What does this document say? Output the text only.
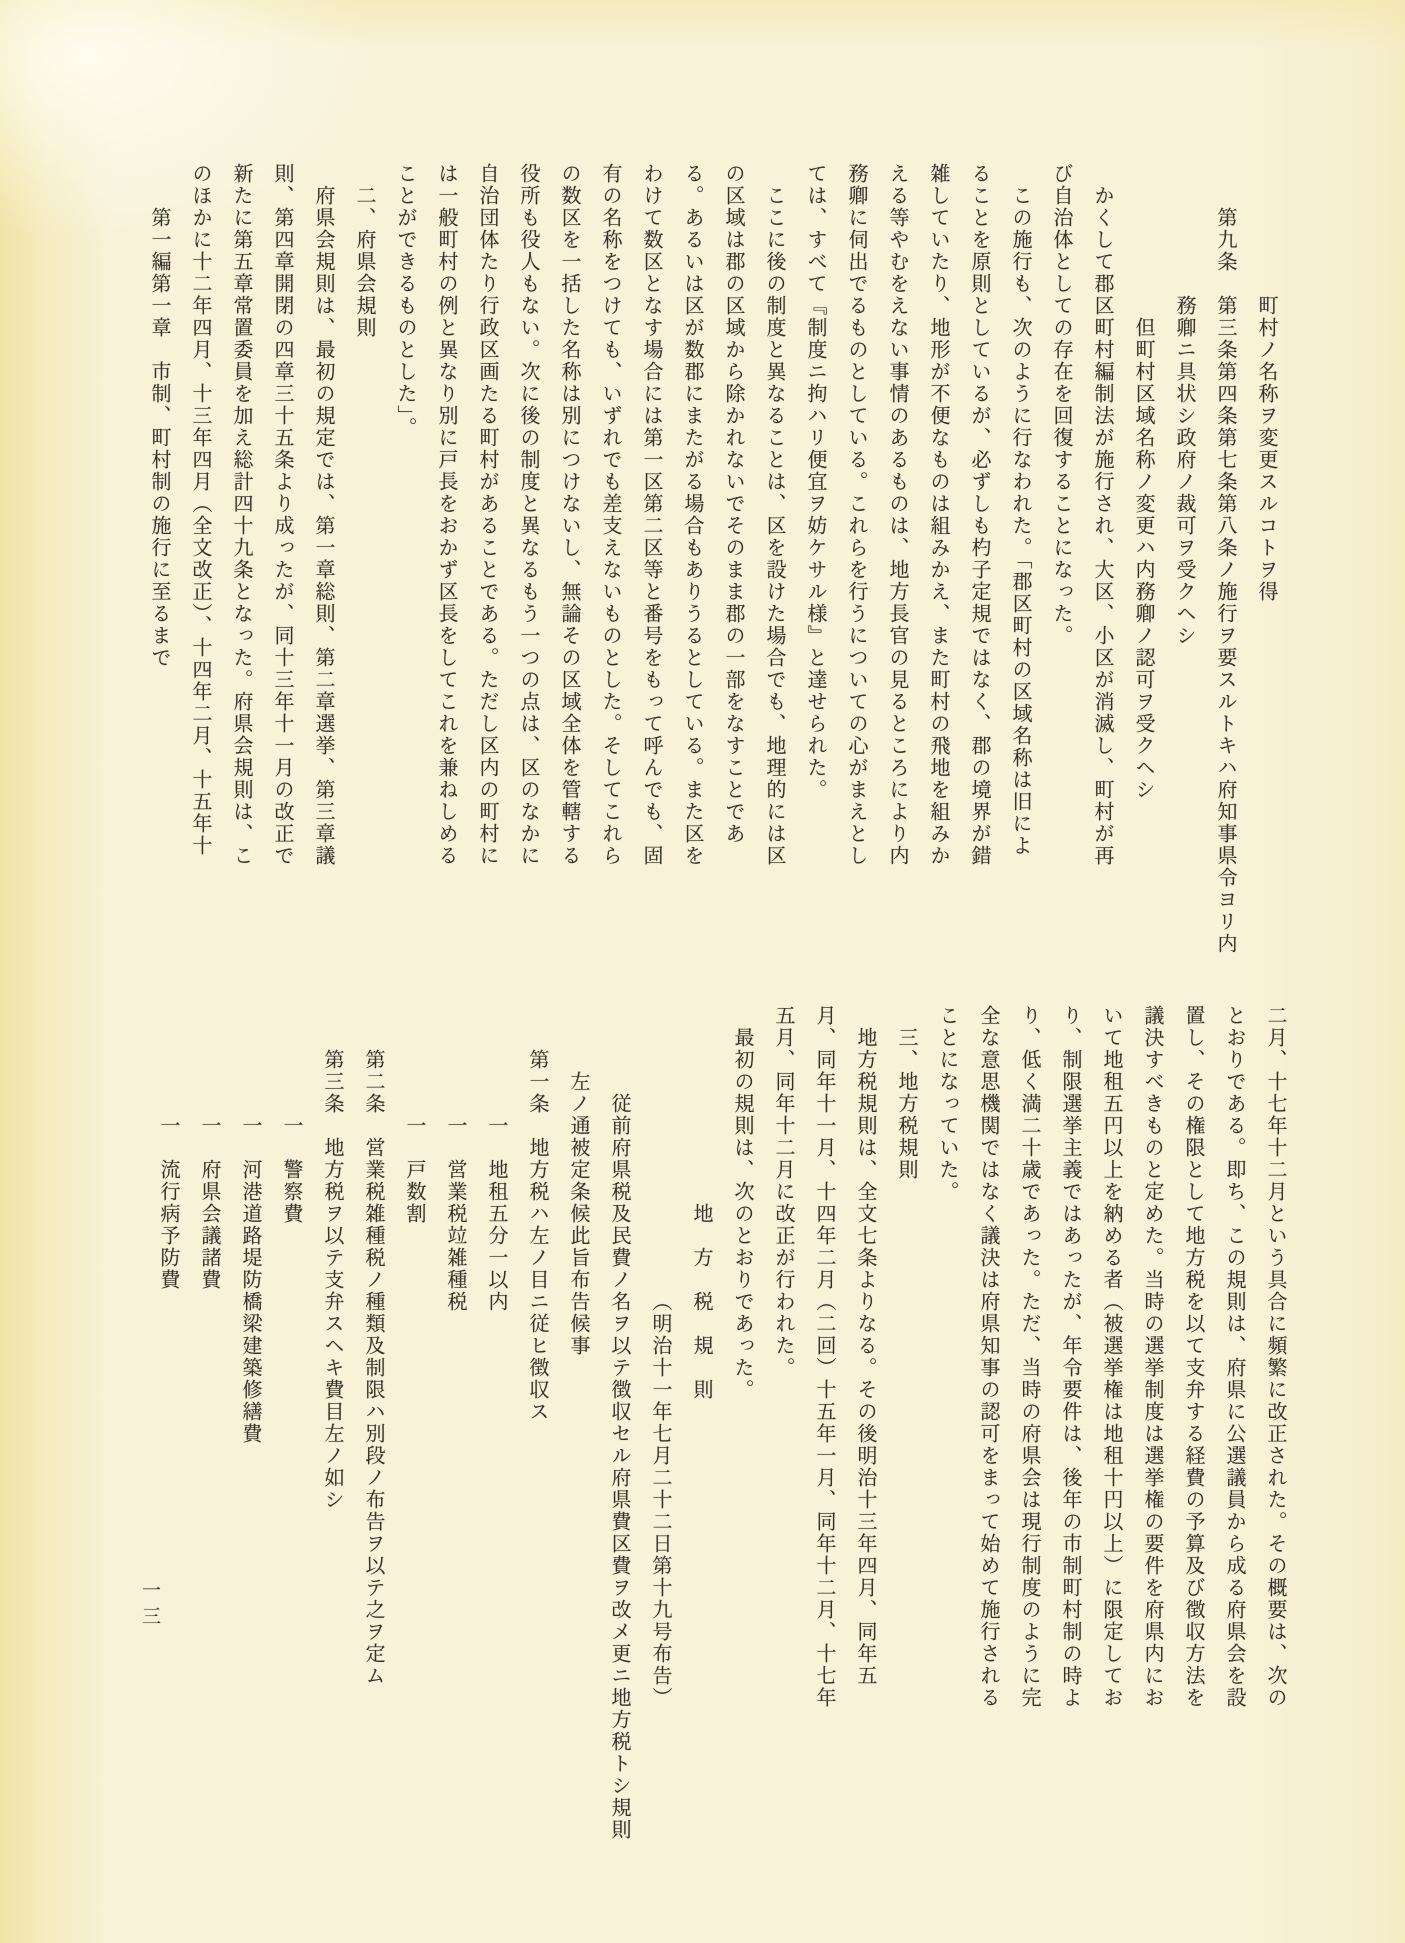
町村ノ名称ヲ変更スルコトヲ得
第九条　第三条第四条第七条第八条ノ施行ヲ要スルトキハ府知事県令ヨリ内
務卿ニ具状シ政府ノ裁可ヲ受クヘシ
但町村区域名称ノ変更ハ内務卿ノ認可ヲ受クヘシ
かくして郡区町村編制法が施行され、大区、小区が消滅し、町村が再
び自治体としての存在を回復することになった。
この施行も、次のように行なわれた。「郡区町村の区域名称は旧によ
ることを原則としているが、必ずしも杓子定規ではなく、郡の境界が錯
雑していたり、地形が不便なものは組みかえ、また町村の飛地を組みか
える等やむをえない事情のあるものは、地方長官の見るところにより内
務卿に伺出でるものとしている。これらを行うについての心がまえとし
ては、すべて『制度ニ拘ハリ便宜ヲ妨ケサル様』と達せられた。
ここに後の制度と異なることは、区を設けた場合でも、地理的には区
の区域は郡の区域から除かれないでそのまま郡の一部をなすことであ
る。あるいは区が数郡にまたがる場合もありうるとしている。また区を
わけて数区となす場合には第一区第二区等と番号をもって呼んでも、固
有の名称をつけても、いずれでも差支えないものとした。そしてこれら
の数区を一括した名称は別につけないし、無論その区域全体を管轄する
役所も役人もない。次に後の制度と異なるもう一つの点は、区のなかに
自治団体たり行政区画たる町村があることである。ただし区内の町村に
は一般町村の例と異なり別に戸長をおかず区長をしてこれを兼ねしめる
ことができるものとした」。
二、府県会規則
府県会規則は、最初の規定では、第一章総則、第二章選挙、第三章議
則、第四章開閉の四章三十五条より成ったが、同十三年十一月の改正で
新たに第五章常置委員を加え総計四十九条となった。府県会規則は、こ
のほかに十二年四月、十三年四月（全文改正）、十四年二月、十五年十
第一編第一章　市制、町村制の施行に至るまで
二月、十七年十二月という具合に頻繁に改正された。その概要は、次の
とおりである。即ち、この規則は、府県に公選議員から成る府県会を設
置し、その権限として地方税を以て支弁する経費の予算及び徴収方法を
議決すべきものと定めた。当時の選挙制度は選挙権の要件を府県内にお
いて地租五円以上を納める者（被選挙権は地租十円以上）に限定してお
り、制限選挙主義ではあったが、年令要件は、後年の市制町村制の時よ
り、低く満二十歳であった。ただ、当時の府県会は現行制度のように完
全な意思機関ではなく議決は府県知事の認可をまって始めて施行される
ことになっていた。
三、地方税規則
地方税規則は、全文七条よりなる。その後明治十三年四月、同年五
月、同年十一月、十四年二月（二回）十五年一月、同年十二月、十七年
五月、同年十二月に改正が行われた。
最初の規則は、次のとおりであった。
地　方　税　規　則
（明治十一年七月二十二日第十九号布告）
従前府県税及民費ノ名ヲ以テ徴収セル府県費区費ヲ改メ更ニ地方税トシ規則
左ノ通被定条候此旨布告候事
第一条　地方税ハ左ノ目ニ従ヒ徴収ス
一　地租五分一以内
一　営業税竝雑種税
一　戸数割
第二条　営業税雑種税ノ種類及制限ハ別段ノ布告ヲ以テ之ヲ定ム
第三条　地方税ヲ以テ支弁スヘキ費目左ノ如シ
一　警察費
一　河港道路堤防橋梁建築修繕費
一　府県会議諸費
一　流行病予防費
一三
